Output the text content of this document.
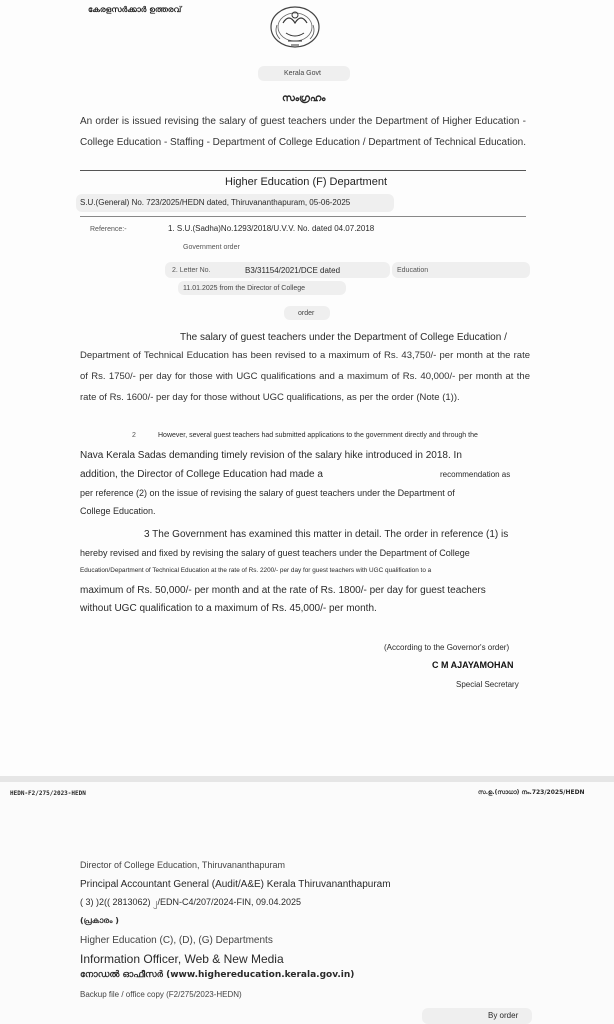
കേരളസർക്കാർ ഉത്തരവ്
Kerala Govt
സംഗ്രഹം
An order is issued revising the salary of guest teachers under the Department of Higher Education - College Education - Staffing - Department of College Education / Department of Technical Education.
Higher Education (F) Department
S.U.(General) No. 723/2025/HEDN dated, Thiruvananthapuram, 05-06-2025
Reference:-	1. S.U.(Sadha)No.1293/2018/U.V.V. No. dated 04.07.2018
Government order
2. Letter No.	B3/31154/2021/DCE dated	Education
11.01.2025 from the Director of College
order
The salary of guest teachers under the Department of College Education /
Department of Technical Education has been revised to a maximum of Rs. 43,750/- per month at the rate of Rs. 1750/- per day for those with UGC qualifications and a maximum of Rs. 40,000/- per month at the rate of Rs. 1600/- per day for those without UGC qualifications, as per the order (Note (1)).
2	However, several guest teachers had submitted applications to the government directly and through the
Nava Kerala Sadas demanding timely revision of the salary hike introduced in 2018. In
addition, the Director of College Education had made a	recommendation as
per reference (2) on the issue of revising the salary of guest teachers under the Department of
College Education.
3 The Government has examined this matter in detail. The order in reference (1) is
hereby revised and fixed by revising the salary of guest teachers under the Department of College
Education/Department of Technical Education at the rate of Rs. 2200/- per day for guest teachers with UGC qualification to a
maximum of Rs. 50,000/- per month and at the rate of Rs. 1800/- per day for guest teachers
without UGC qualification to a maximum of Rs. 45,000/- per month.
(According to the Governor's order)
C M AJAYAMOHAN
Special Secretary
HEDN-F2/275/2023-HEDN	സ.ഉ.(സാധാ) നം.723/2025/HEDN
Director of College Education, Thiruvananthapuram
Principal Accountant General (Audit/A&E) Kerala Thiruvananthapuram
( 3) )2(( 2813062) ၂/EDN-C4/207/2024-FIN, 09.04.2025
(പ്രകാരം )
Higher Education (C), (D), (G) Departments
Information Officer, Web & New Media
നോഡൽ ഓഫീസർ (www.highereducation.kerala.gov.in)
Backup file / office copy (F2/275/2023-HEDN)
By order
